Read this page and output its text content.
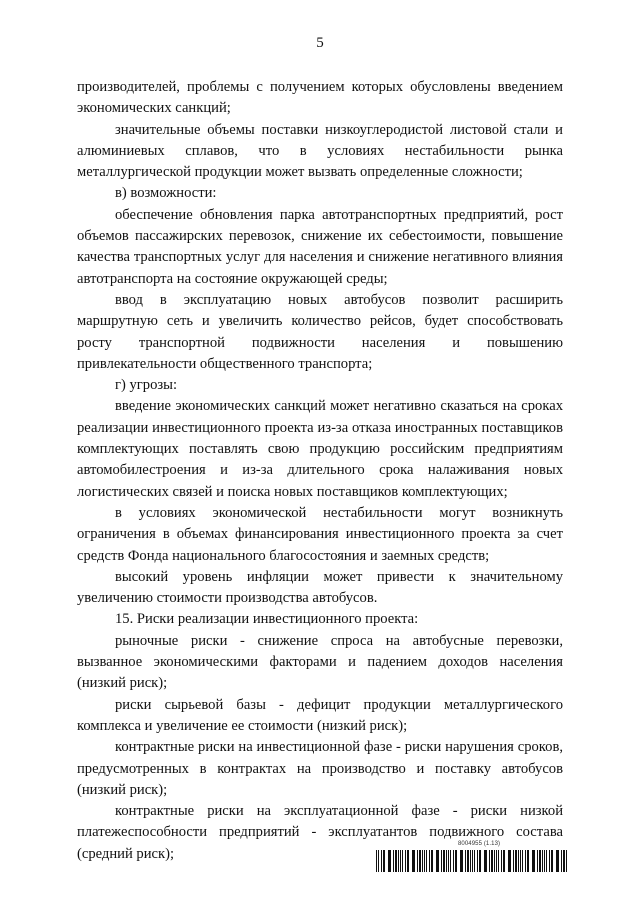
5

производителей, проблемы с получением которых обусловлены введением экономических санкций;

значительные объемы поставки низкоуглеродистой листовой стали и алюминиевых сплавов, что в условиях нестабильности рынка металлургической продукции может вызвать определенные сложности;

в) возможности:

обеспечение обновления парка автотранспортных предприятий, рост объемов пассажирских перевозок, снижение их себестоимости, повышение качества транспортных услуг для населения и снижение негативного влияния автотранспорта на состояние окружающей среды;

ввод в эксплуатацию новых автобусов позволит расширить маршрутную сеть и увеличить количество рейсов, будет способствовать росту транспортной подвижности населения и повышению привлекательности общественного транспорта;

г) угрозы:

введение экономических санкций может негативно сказаться на сроках реализации инвестиционного проекта из-за отказа иностранных поставщиков комплектующих поставлять свою продукцию российским предприятиям автомобилестроения и из-за длительного срока налаживания новых логистических связей и поиска новых поставщиков комплектующих;

в условиях экономической нестабильности могут возникнуть ограничения в объемах финансирования инвестиционного проекта за счет средств Фонда национального благосостояния и заемных средств;

высокий уровень инфляции может привести к значительному увеличению стоимости производства автобусов.

15. Риски реализации инвестиционного проекта:

рыночные риски - снижение спроса на автобусные перевозки, вызванное экономическими факторами и падением доходов населения (низкий риск);

риски сырьевой базы - дефицит продукции металлургического комплекса и увеличение ее стоимости (низкий риск);

контрактные риски на инвестиционной фазе - риски нарушения сроков, предусмотренных в контрактах на производство и поставку автобусов (низкий риск);

контрактные риски на эксплуатационной фазе - риски низкой платежеспособности предприятий - эксплуатантов подвижного состава (средний риск);

8004955 (1.13)
